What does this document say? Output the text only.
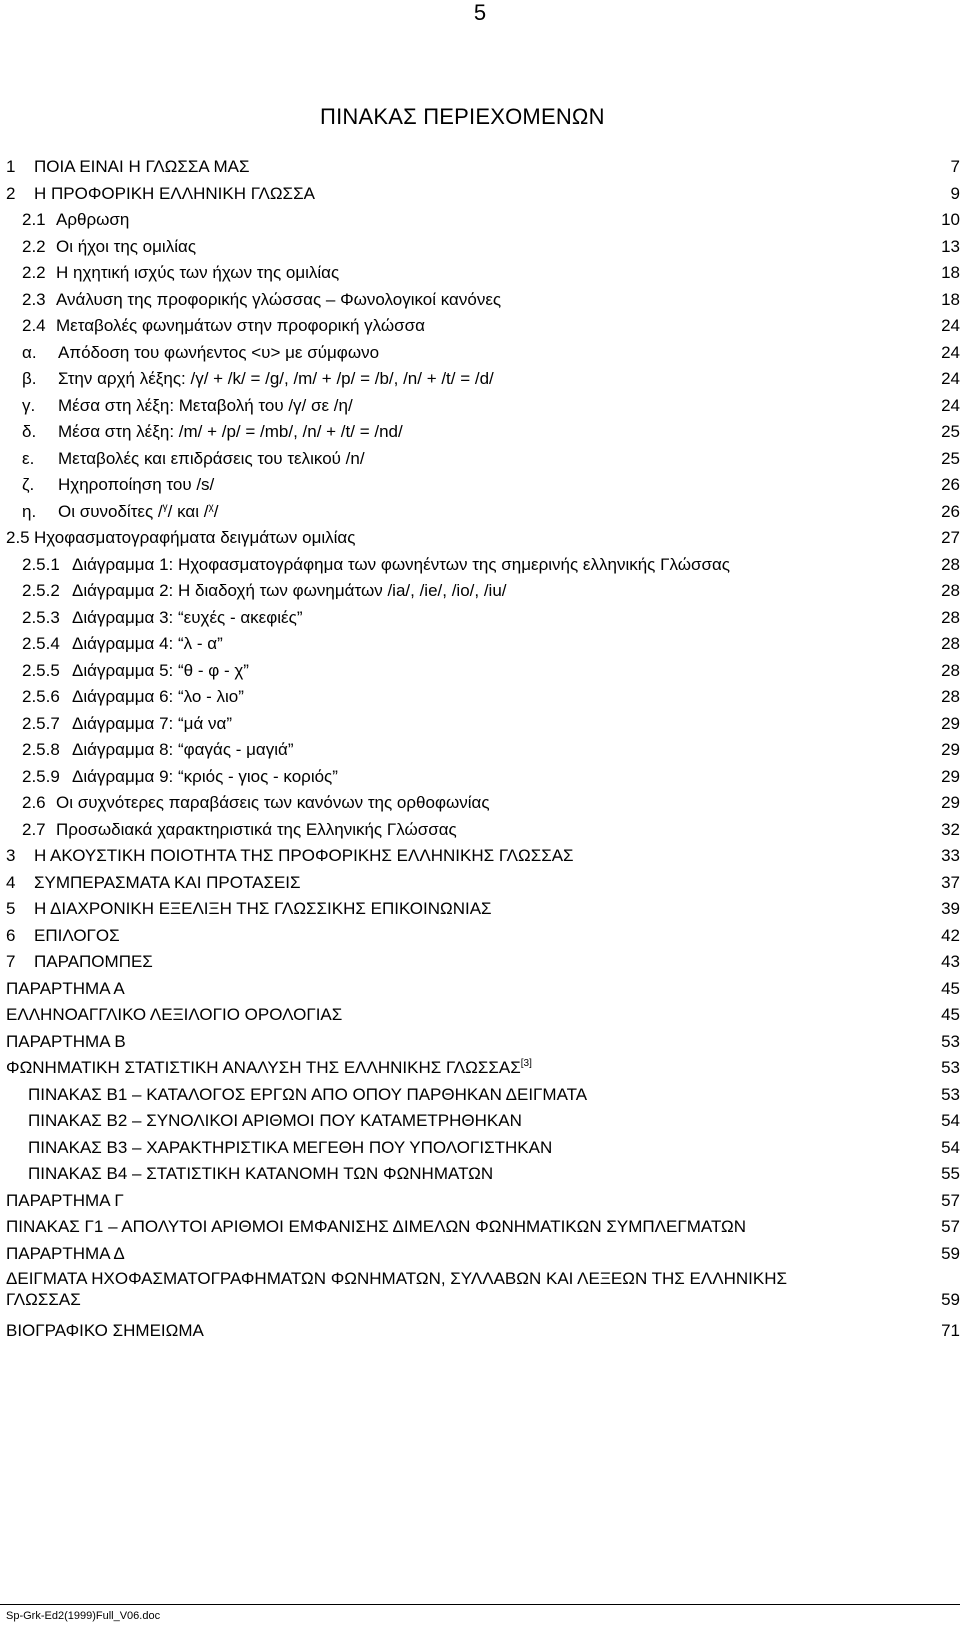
5
ΠΙΝΑΚΑΣ ΠΕΡΙΕΧΟΜΕΝΩΝ
1 ΠΟΙΑ ΕΙΝΑΙ Η ΓΛΩΣΣΑ ΜΑΣ	7
2 Η ΠΡΟΦΟΡΙΚΗ ΕΛΛΗΝΙΚΗ ΓΛΩΣΣΑ	9
2.1 Αρθρωση	10
2.2 Οι ήχοι της ομιλίας	13
2.2 Η ηχητική ισχύς των ήχων της ομιλίας	18
2.3 Ανάλυση της προφορικής γλώσσας – Φωνολογικοί κανόνες	18
2.4 Μεταβολές φωνημάτων στην προφορική γλώσσα	24
α. Απόδοση του φωνήεντος <υ> με σύμφωνο	24
β. Στην αρχή λέξης: /γ/ + /k/ = /g/, /m/ + /p/ = /b/, /n/ + /t/ = /d/	24
γ. Μέσα στη λέξη: Μεταβολή του /γ/ σε /η/	24
δ. Μέσα στη λέξη: /m/ + /p/ = /mb/, /n/ + /t/ = /nd/	25
ε. Μεταβολές και επιδράσεις του τελικού /n/	25
ζ. Ηχηροποίηση του /s/	26
η. Οι συνοδίτες /$^\gamma$/ και /$^\chi$/	26
2.5 Ηχοφασματογραφήματα δειγμάτων ομιλίας	27
2.5.1 Διάγραμμα 1: Ηχοφασματογράφημα των φωνηέντων της σημερινής ελληνικής Γλώσσας	28
2.5.2 Διάγραμμα 2: Η διαδοχή των φωνημάτων /ia/, /ie/, /io/, /iu/	28
2.5.3 Διάγραμμα 3: “ευχές - ακεφιές”	28
2.5.4 Διάγραμμα 4: “λ - α”	28
2.5.5 Διάγραμμα 5: “θ - φ - χ”	28
2.5.6 Διάγραμμα 6: “λο - λιο”	28
2.5.7 Διάγραμμα 7: “μά να”	29
2.5.8 Διάγραμμα 8: “φαγάς - μαγιά”	29
2.5.9 Διάγραμμα 9: “κριός - γιος - κοριός”	29
2.6 Οι συχνότερες παραβάσεις των κανόνων της ορθοφωνίας	29
2.7 Προσωδιακά χαρακτηριστικά της Ελληνικής Γλώσσας	32
3 Η ΑΚΟΥΣΤΙΚΗ ΠΟΙΟΤΗΤΑ ΤΗΣ ΠΡΟΦΟΡΙΚΗΣ ΕΛΛΗΝΙΚΗΣ ΓΛΩΣΣΑΣ	33
4 ΣΥΜΠΕΡΑΣΜΑΤΑ ΚΑΙ ΠΡΟΤΑΣΕΙΣ	37
5 Η ΔΙΑΧΡΟΝΙΚΗ ΕΞΕΛΙΞΗ ΤΗΣ ΓΛΩΣΣΙΚΗΣ ΕΠΙΚΟΙΝΩΝΙΑΣ	39
6 ΕΠΙΛΟΓΟΣ	42
7 ΠΑΡΑΠΟΜΠΕΣ	43
ΠΑΡΑΡΤΗΜΑ Α	45
ΕΛΛΗΝΟΑΓΓΛΙΚΟ ΛΕΞΙΛΟΓΙΟ ΟΡΟΛΟΓΙΑΣ	45
ΠΑΡΑΡΤΗΜΑ Β	53
ΦΩΝΗΜΑΤΙΚΗ ΣΤΑΤΙΣΤΙΚΗ ΑΝΑΛΥΣΗ ΤΗΣ ΕΛΛΗΝΙΚΗΣ ΓΛΩΣΣΑΣ[3]	53
ΠΙΝΑΚΑΣ Β1 – ΚΑΤΑΛΟΓΟΣ ΕΡΓΩΝ ΑΠΟ ΟΠΟΥ ΠΑΡΘΗΚΑΝ ΔΕΙΓΜΑΤΑ	53
ΠΙΝΑΚΑΣ Β2 – ΣΥΝΟΛΙΚΟΙ ΑΡΙΘΜΟΙ ΠΟΥ ΚΑΤΑΜΕΤΡΗΘΗΚΑΝ	54
ΠΙΝΑΚΑΣ Β3 – ΧΑΡΑΚΤΗΡΙΣΤΙΚΑ ΜΕΓΕΘΗ ΠΟΥ ΥΠΟΛΟΓΙΣΤΗΚΑΝ	54
ΠΙΝΑΚΑΣ Β4 – ΣΤΑΤΙΣΤΙΚΗ ΚΑΤΑΝΟΜΗ ΤΩΝ ΦΩΝΗΜΑΤΩΝ	55
ΠΑΡΑΡΤΗΜΑ Γ	57
ΠΙΝΑΚΑΣ Γ1 – ΑΠΟΛΥΤΟΙ ΑΡΙΘΜΟΙ ΕΜΦΑΝΙΣΗΣ ΔΙΜΕΛΩΝ ΦΩΝΗΜΑΤΙΚΩΝ ΣΥΜΠΛΕΓΜΑΤΩΝ	57
ΠΑΡΑΡΤΗΜΑ Δ	59
ΔΕΙΓΜΑΤΑ ΗΧΟΦΑΣΜΑΤΟΓΡΑΦΗΜΑΤΩΝ ΦΩΝΗΜΑΤΩΝ, ΣΥΛΛΑΒΩΝ ΚΑΙ ΛΕΞΕΩΝ ΤΗΣ ΕΛΛΗΝΙΚΗΣ
ΓΛΩΣΣΑΣ	59
ΒΙΟΓΡΑΦΙΚΟ ΣΗΜΕΙΩΜΑ	71
Sp-Grk-Ed2(1999)Full_V06.doc
